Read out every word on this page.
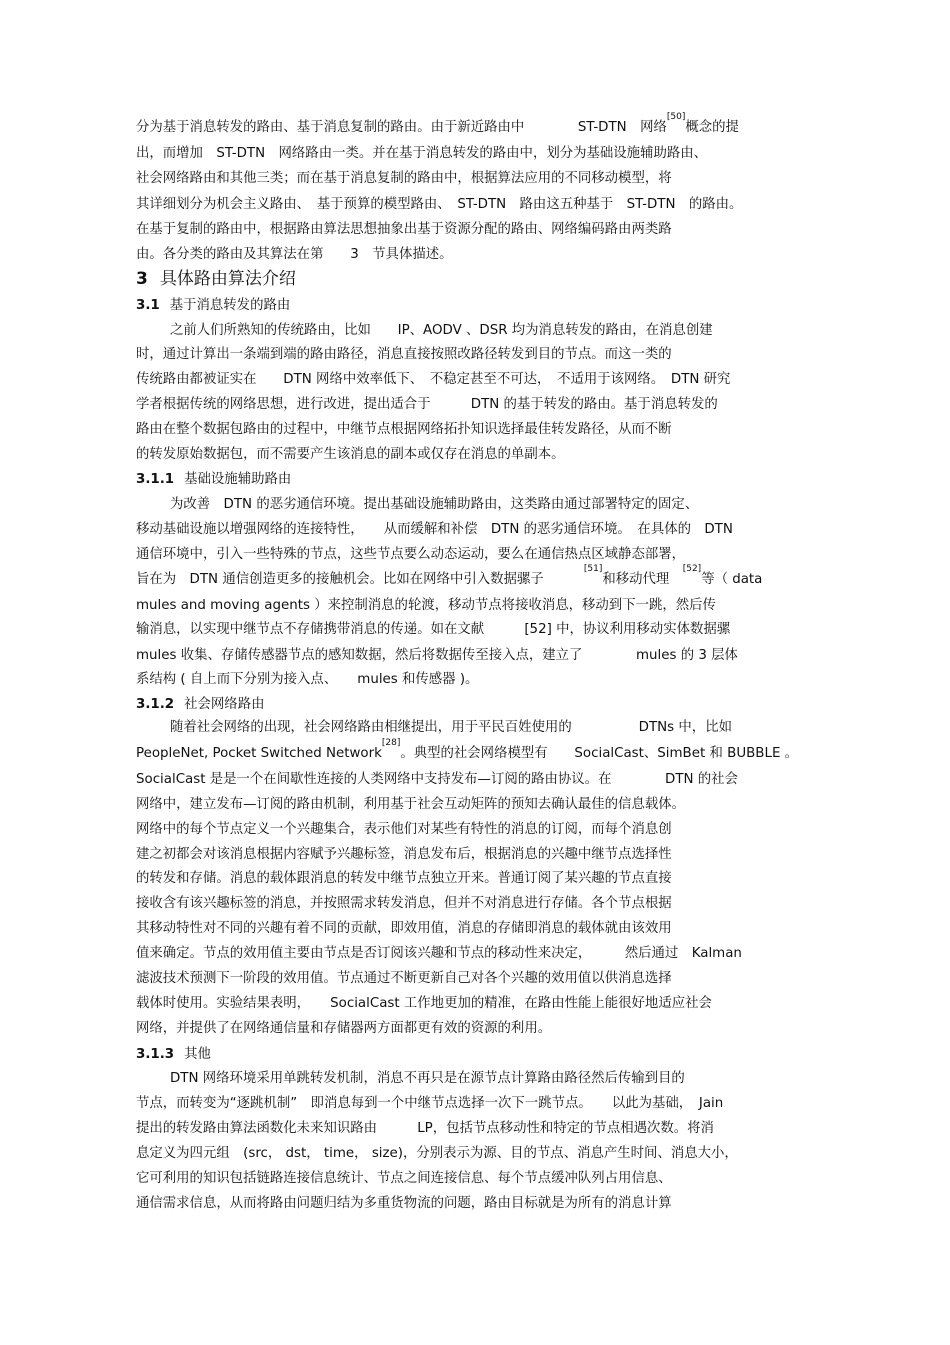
分为基于消息转发的路由、基于消息复制的路由。由于新近路由中　　　　ST-DTN　网络[50]概念的提
出，而增加　ST-DTN　网络路由一类。并在基于消息转发的路由中，划分为基础设施辅助路由、
社会网络路由和其他三类；而在基于消息复制的路由中，根据算法应用的不同移动模型，将
其详细划分为机会主义路由、　基于预算的模型路由、　ST-DTN　路由这五种基于　ST-DTN　的路由。
在基于复制的路由中，根据路由算法思想抽象出基于资源分配的路由、网络编码路由两类路
由。各分类的路由及其算法在第　　3　节具体描述。
3 具体路由算法介绍
3.1 基于消息转发的路由
之前人们所熟知的传统路由，比如　　IP、AODV 、DSR 均为消息转发的路由，在消息创建
时，通过计算出一条端到端的路由路径，消息直接按照改路径转发到目的节点。而这一类的
传统路由都被证实在　　DTN 网络中效率低下、　不稳定甚至不可达，　不适用于该网络。　DTN 研究
学者根据传统的网络思想，进行改进，提出适合于　　　DTN 的基于转发的路由。基于消息转发的
路由在整个数据包路由的过程中，中继节点根据网络拓扑知识选择最佳转发路径，从而不断
的转发原始数据包，而不需要产生该消息的副本或仅存在消息的单副本。
3.1.1 基础设施辅助路由
为改善　DTN 的恶劣通信环境。提出基础设施辅助路由，这类路由通过部署特定的固定、
移动基础设施以增强网络的连接特性，　　从而缓解和补偿　DTN 的恶劣通信环境。　在具体的　DTN
通信环境中，引入一些特殊的节点，这些节点要么动态运动，要么在通信热点区域静态部署，
旨在为　DTN 通信创造更多的接触机会。比如在网络中引入数据骡子　　　[51]和移动代理　[52]等（ data
mules and moving agents ）来控制消息的轮渡，移动节点将接收消息，移动到下一跳，然后传
输消息，以实现中继节点不存储携带消息的传递。如在文献　　　[52] 中，协议利用移动实体数据骡
mules 收集、存储传感器节点的感知数据，然后将数据传至接入点，建立了　　　　mules 的 3 层体
系结构 ( 自上而下分别为接入点、　　mules 和传感器 )。
3.1.2 社会网络路由
随着社会网络的出现，社会网络路由相继提出，用于平民百姓使用的　　　　　DTNs 中，比如
PeopleNet, Pocket Switched Network[28]。典型的社会网络模型有　　SocialCast、SimBet 和 BUBBLE 。
SocialCast 是是一个在间歇性连接的人类网络中支持发布—订阅的路由协议。在　　　　DTN 的社会
网络中，建立发布—订阅的路由机制，利用基于社会互动矩阵的预知去确认最佳的信息载体。
网络中的每个节点定义一个兴趣集合，表示他们对某些有特性的消息的订阅，而每个消息创
建之初都会对该消息根据内容赋予兴趣标签，消息发布后，根据消息的兴趣中继节点选择性
的转发和存储。消息的载体跟消息的转发中继节点独立开来。普通订阅了某兴趣的节点直接
接收含有该兴趣标签的消息，并按照需求转发消息，但并不对消息进行存储。各个节点根据
其移动特性对不同的兴趣有着不同的贡献，即效用值，消息的存储即消息的载体就由该效用
值来确定。节点的效用值主要由节点是否订阅该兴趣和节点的移动性来决定，　　　然后通过　Kalman
滤波技术预测下一阶段的效用值。节点通过不断更新自己对各个兴趣的效用值以供消息选择
载体时使用。实验结果表明，　　SocialCast 工作地更加的精准，在路由性能上能很好地适应社会
网络，并提供了在网络通信量和存储器两方面都更有效的资源的利用。
3.1.3 其他
DTN 网络环境采用单跳转发机制，消息不再只是在源节点计算路由路径然后传输到目的
节点，而转变为“逐跳机制”　即消息每到一个中继节点选择一次下一跳节点。　　以此为基础，　Jain
提出的转发路由算法函数化未来知识路由　　　LP，包括节点移动性和特定的节点相遇次数。将消
息定义为四元组　(src， dst， time， size)，分别表示为源、目的节点、消息产生时间、消息大小，
它可利用的知识包括链路连接信息统计、节点之间连接信息、每个节点缓冲队列占用信息、
通信需求信息，从而将路由问题归结为多重货物流的问题，路由目标就是为所有的消息计算
